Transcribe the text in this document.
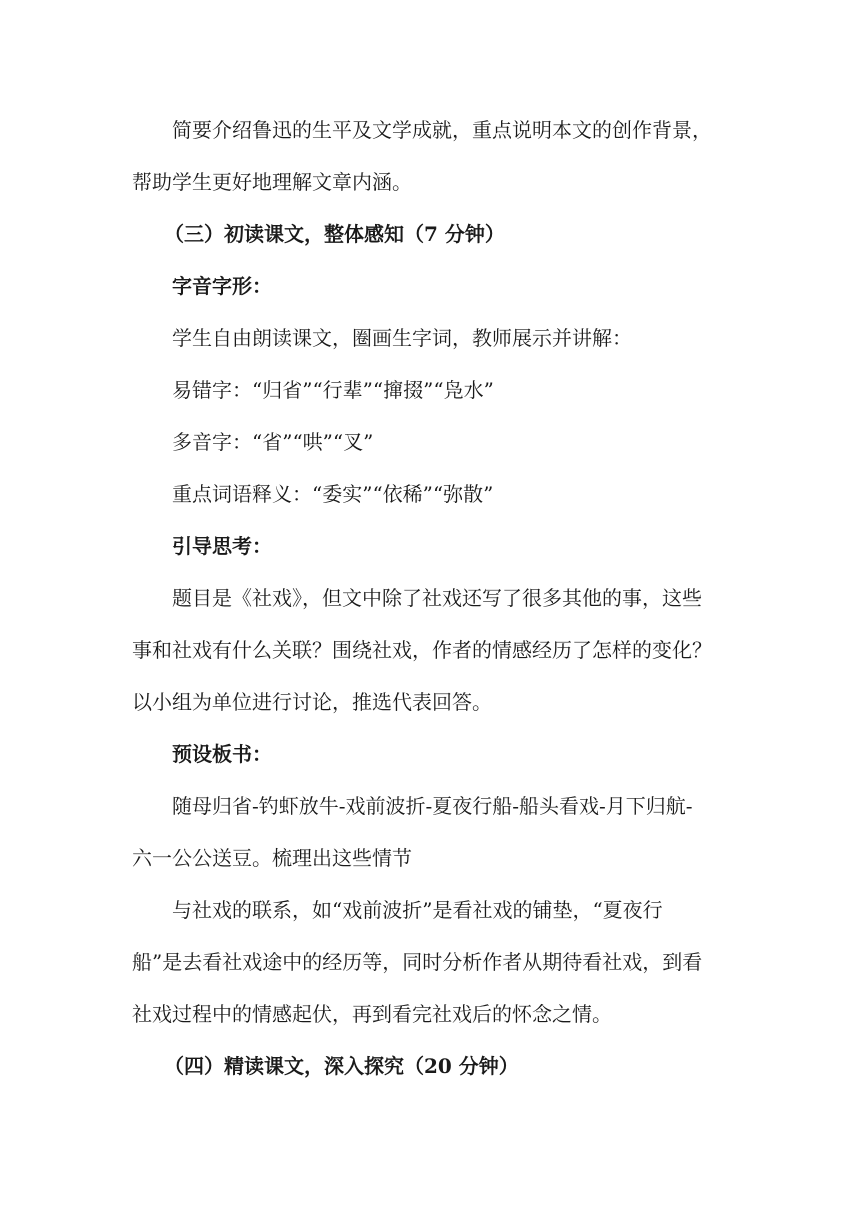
简要介绍鲁迅的生平及文学成就，重点说明本文的创作背景，
帮助学生更好地理解文章内涵。
（三）初读课文，整体感知（7 分钟）
字音字形：
学生自由朗读课文，圈画生字词，教师展示并讲解：
易错字：“归省”“行辈”“撺掇”“凫水”
多音字：“省”“哄”“叉”
重点词语释义：“委实”“依稀”“弥散”
引导思考：
题目是《社戏》，但文中除了社戏还写了很多其他的事，这些
事和社戏有什么关联？围绕社戏，作者的情感经历了怎样的变化？
以小组为单位进行讨论，推选代表回答。
预设板书：
随母归省-钓虾放牛-戏前波折-夏夜行船-船头看戏-月下归航-
六一公公送豆。梳理出这些情节
与社戏的联系，如“戏前波折”是看社戏的铺垫，“夏夜行
船”是去看社戏途中的经历等，同时分析作者从期待看社戏，到看
社戏过程中的情感起伏，再到看完社戏后的怀念之情。
（四）精读课文，深入探究（20 分钟）
